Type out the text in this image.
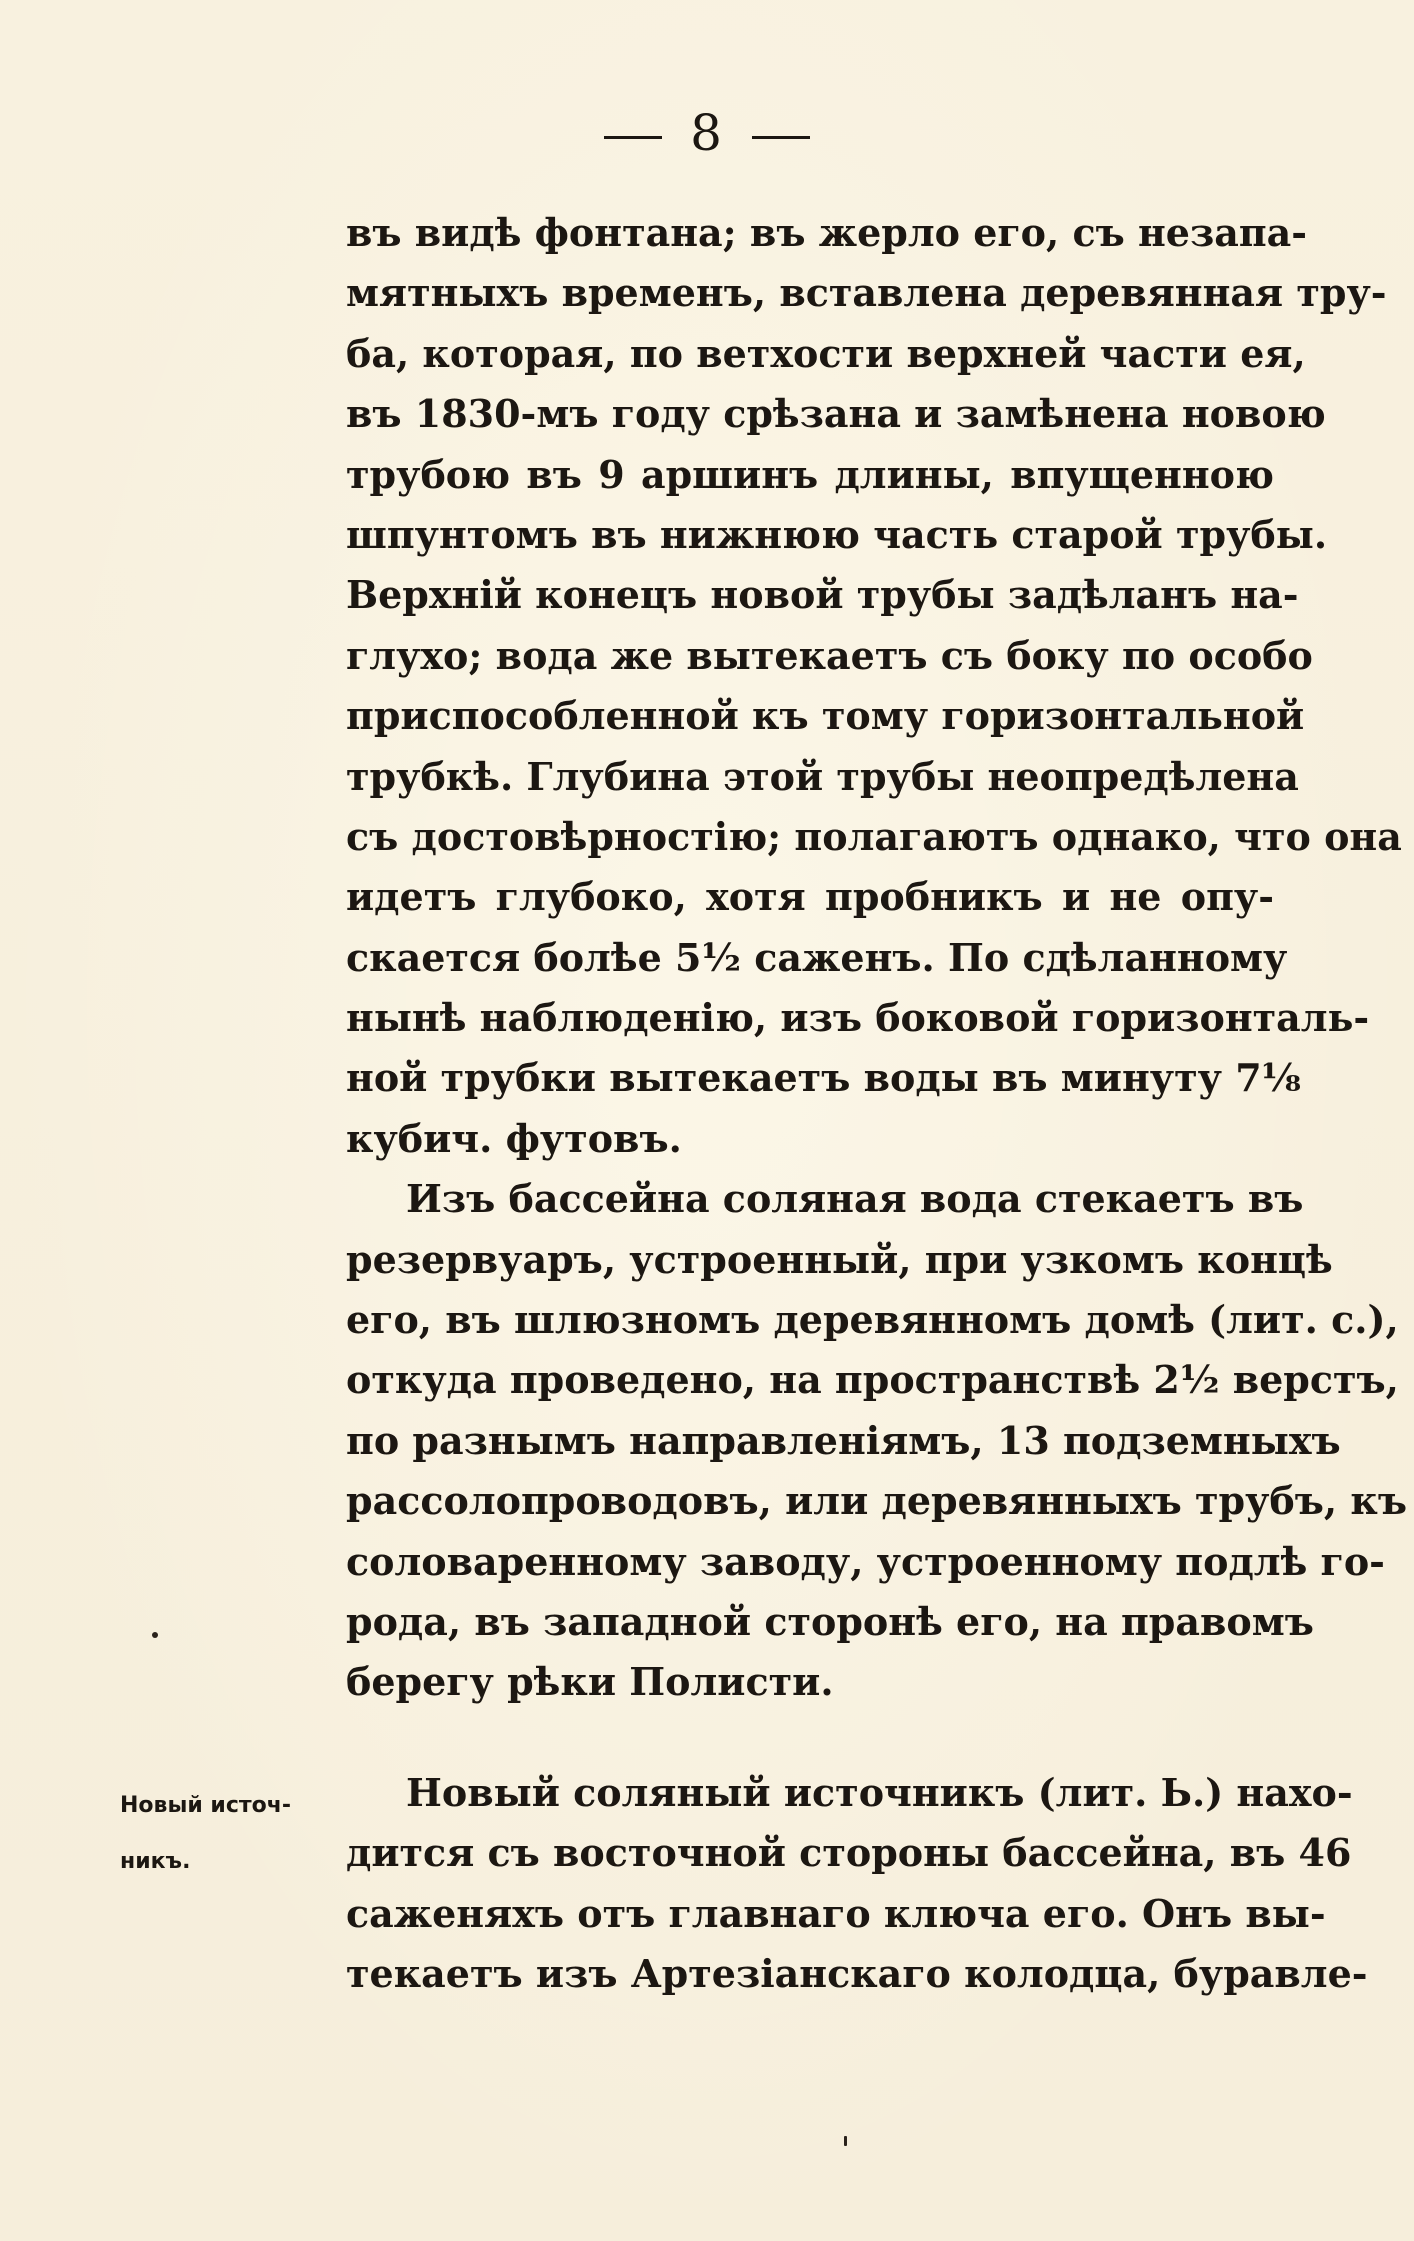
8
въ видѣ фонтана; въ жерло его, съ незапа-
мятныхъ временъ, вставлена деревянная тру-
ба, которая, по ветхости верхней части ея,
въ 1830-мъ году срѣзана и замѣнена новою
трубою въ 9 аршинъ длины, впущенною
шпунтомъ въ нижнюю часть старой трубы.
Верхній конецъ новой трубы задѣланъ на-
глухо; вода же вытекаетъ съ боку по особо
приспособленной къ тому горизонтальной
трубкѣ. Глубина этой трубы неопредѣлена
съ достовѣрностію; полагаютъ однако, что она
идетъ глубоко, хотя пробникъ и не опу-
скается болѣе 5½ саженъ. По сдѣланному
нынѣ наблюденію, изъ боковой горизонталь-
ной трубки вытекаетъ воды въ минуту 7⅛
кубич. футовъ.
Изъ бассейна соляная вода стекаетъ въ
резервуаръ, устроенный, при узкомъ концѣ
его, въ шлюзномъ деревянномъ домѣ (лит. с.),
откуда проведено, на пространствѣ 2½ верстъ,
по разнымъ направленіямъ, 13 подземныхъ
рассолопроводовъ, или деревянныхъ трубъ, къ
соловаренному заводу, устроенному подлѣ го-
рода, въ западной сторонѣ его, на правомъ
берегу рѣки Полисти.
Новый источ-
никъ.
Новый соляный источникъ (лит. Ь.) нахо-
дится съ восточной стороны бассейна, въ 46
саженяхъ отъ главнаго ключа его. Онъ вы-
текаетъ изъ Артезіанскаго колодца, буравле-
